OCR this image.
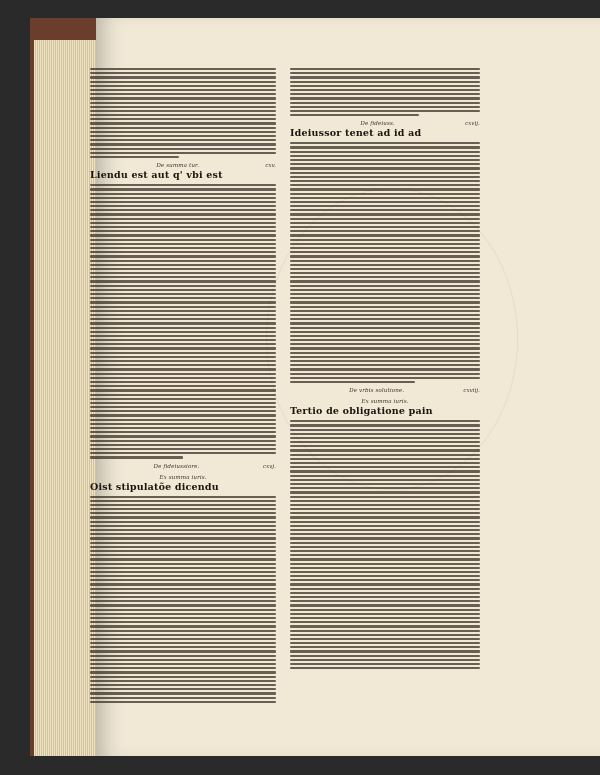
De summa tur.	cxv.
Liendu est aut q' vbi est
De fideiussiore.	cxvj.
Ex summa iuris.
Oist stipulatõe dicendu
De fideiuss.	cxvij.
Ideiussor tenet ad id ad
De vrbis solutione.	cxviij.
Ex summa iuris.
Tertio de obligatione pain
